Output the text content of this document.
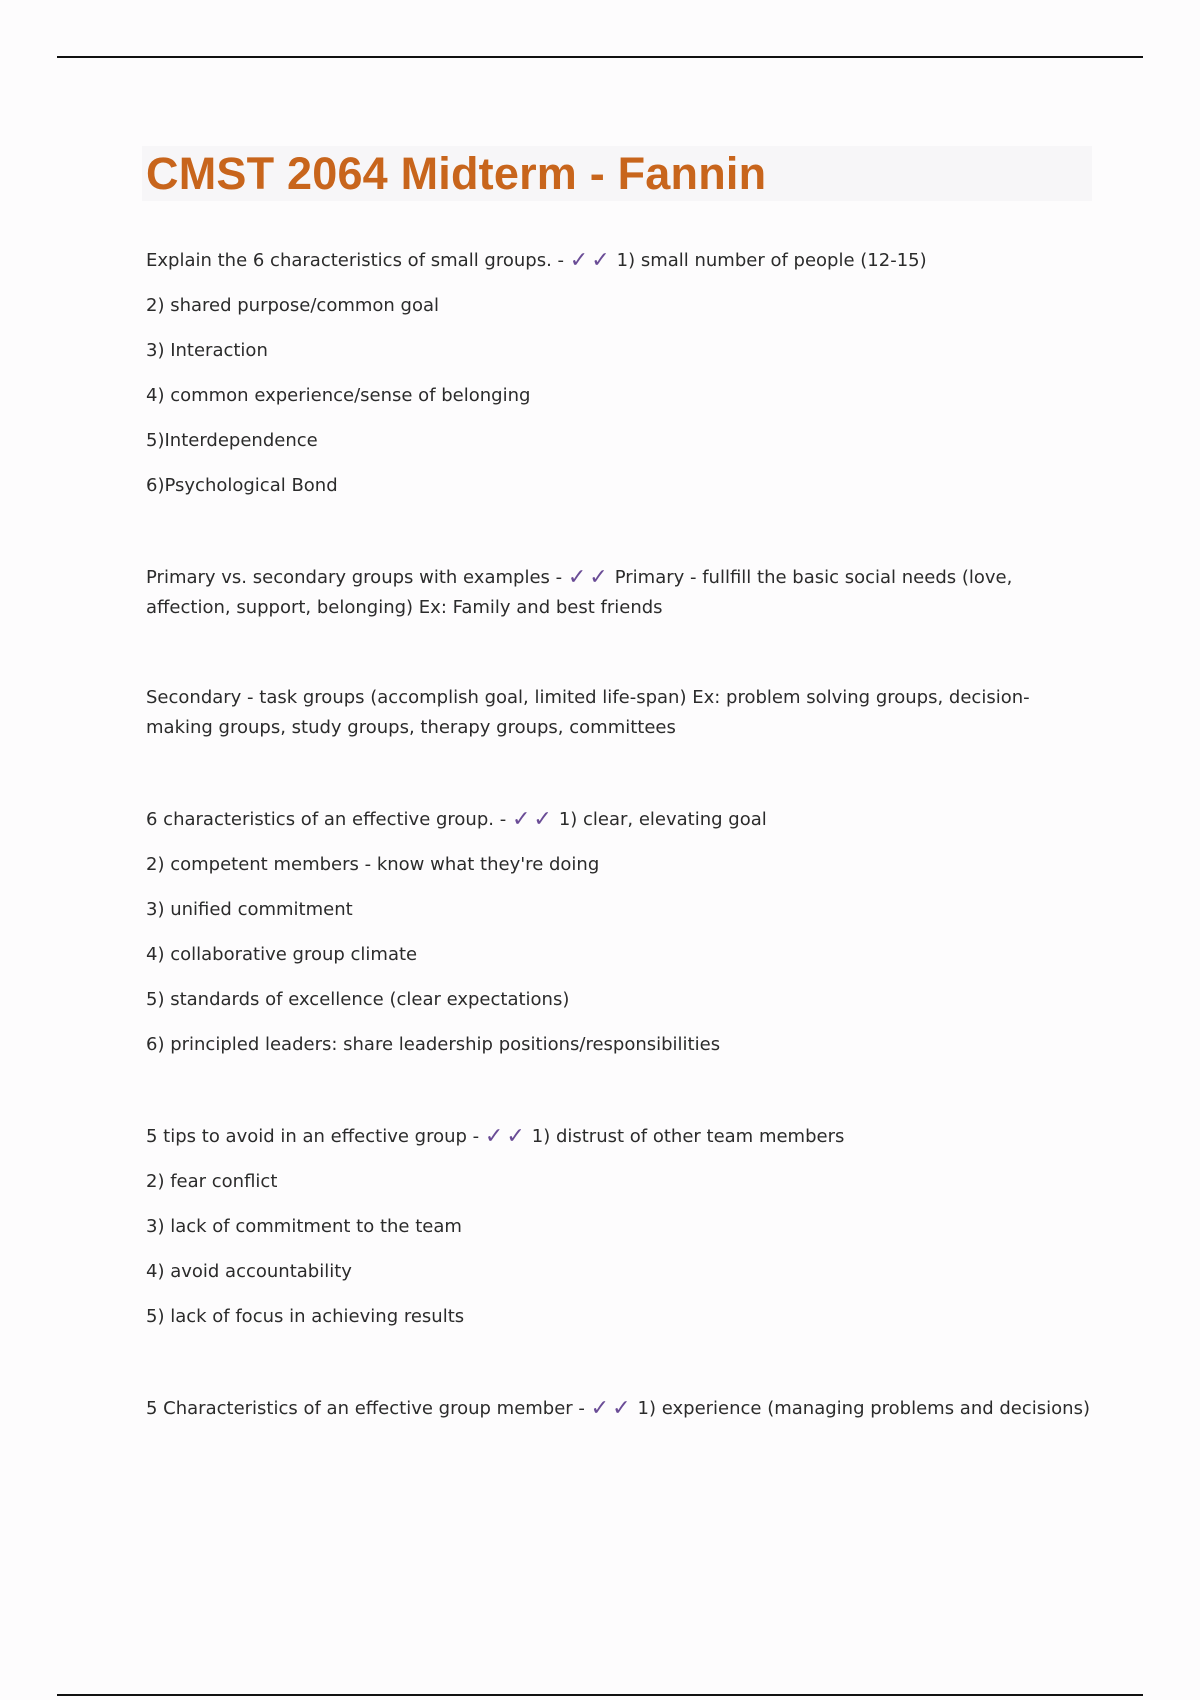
CMST 2064 Midterm - Fannin
Explain the 6 characteristics of small groups. - ✓ ✓ 1) small number of people (12-15)
2) shared purpose/common goal
3) Interaction
4) common experience/sense of belonging
5)Interdependence
6)Psychological Bond
Primary vs. secondary groups with examples - ✓ ✓ Primary - fullfill the basic social needs (love, affection, support, belonging) Ex: Family and best friends
Secondary - task groups (accomplish goal, limited life-span) Ex: problem solving groups, decision-making groups, study groups, therapy groups, committees
6 characteristics of an effective group. - ✓ ✓ 1) clear, elevating goal
2) competent members - know what they're doing
3) unified commitment
4) collaborative group climate
5) standards of excellence (clear expectations)
6) principled leaders: share leadership positions/responsibilities
5 tips to avoid in an effective group - ✓ ✓ 1) distrust of other team members
2) fear conflict
3) lack of commitment to the team
4) avoid accountability
5) lack of focus in achieving results
5 Characteristics of an effective group member - ✓ ✓ 1) experience (managing problems and decisions)
